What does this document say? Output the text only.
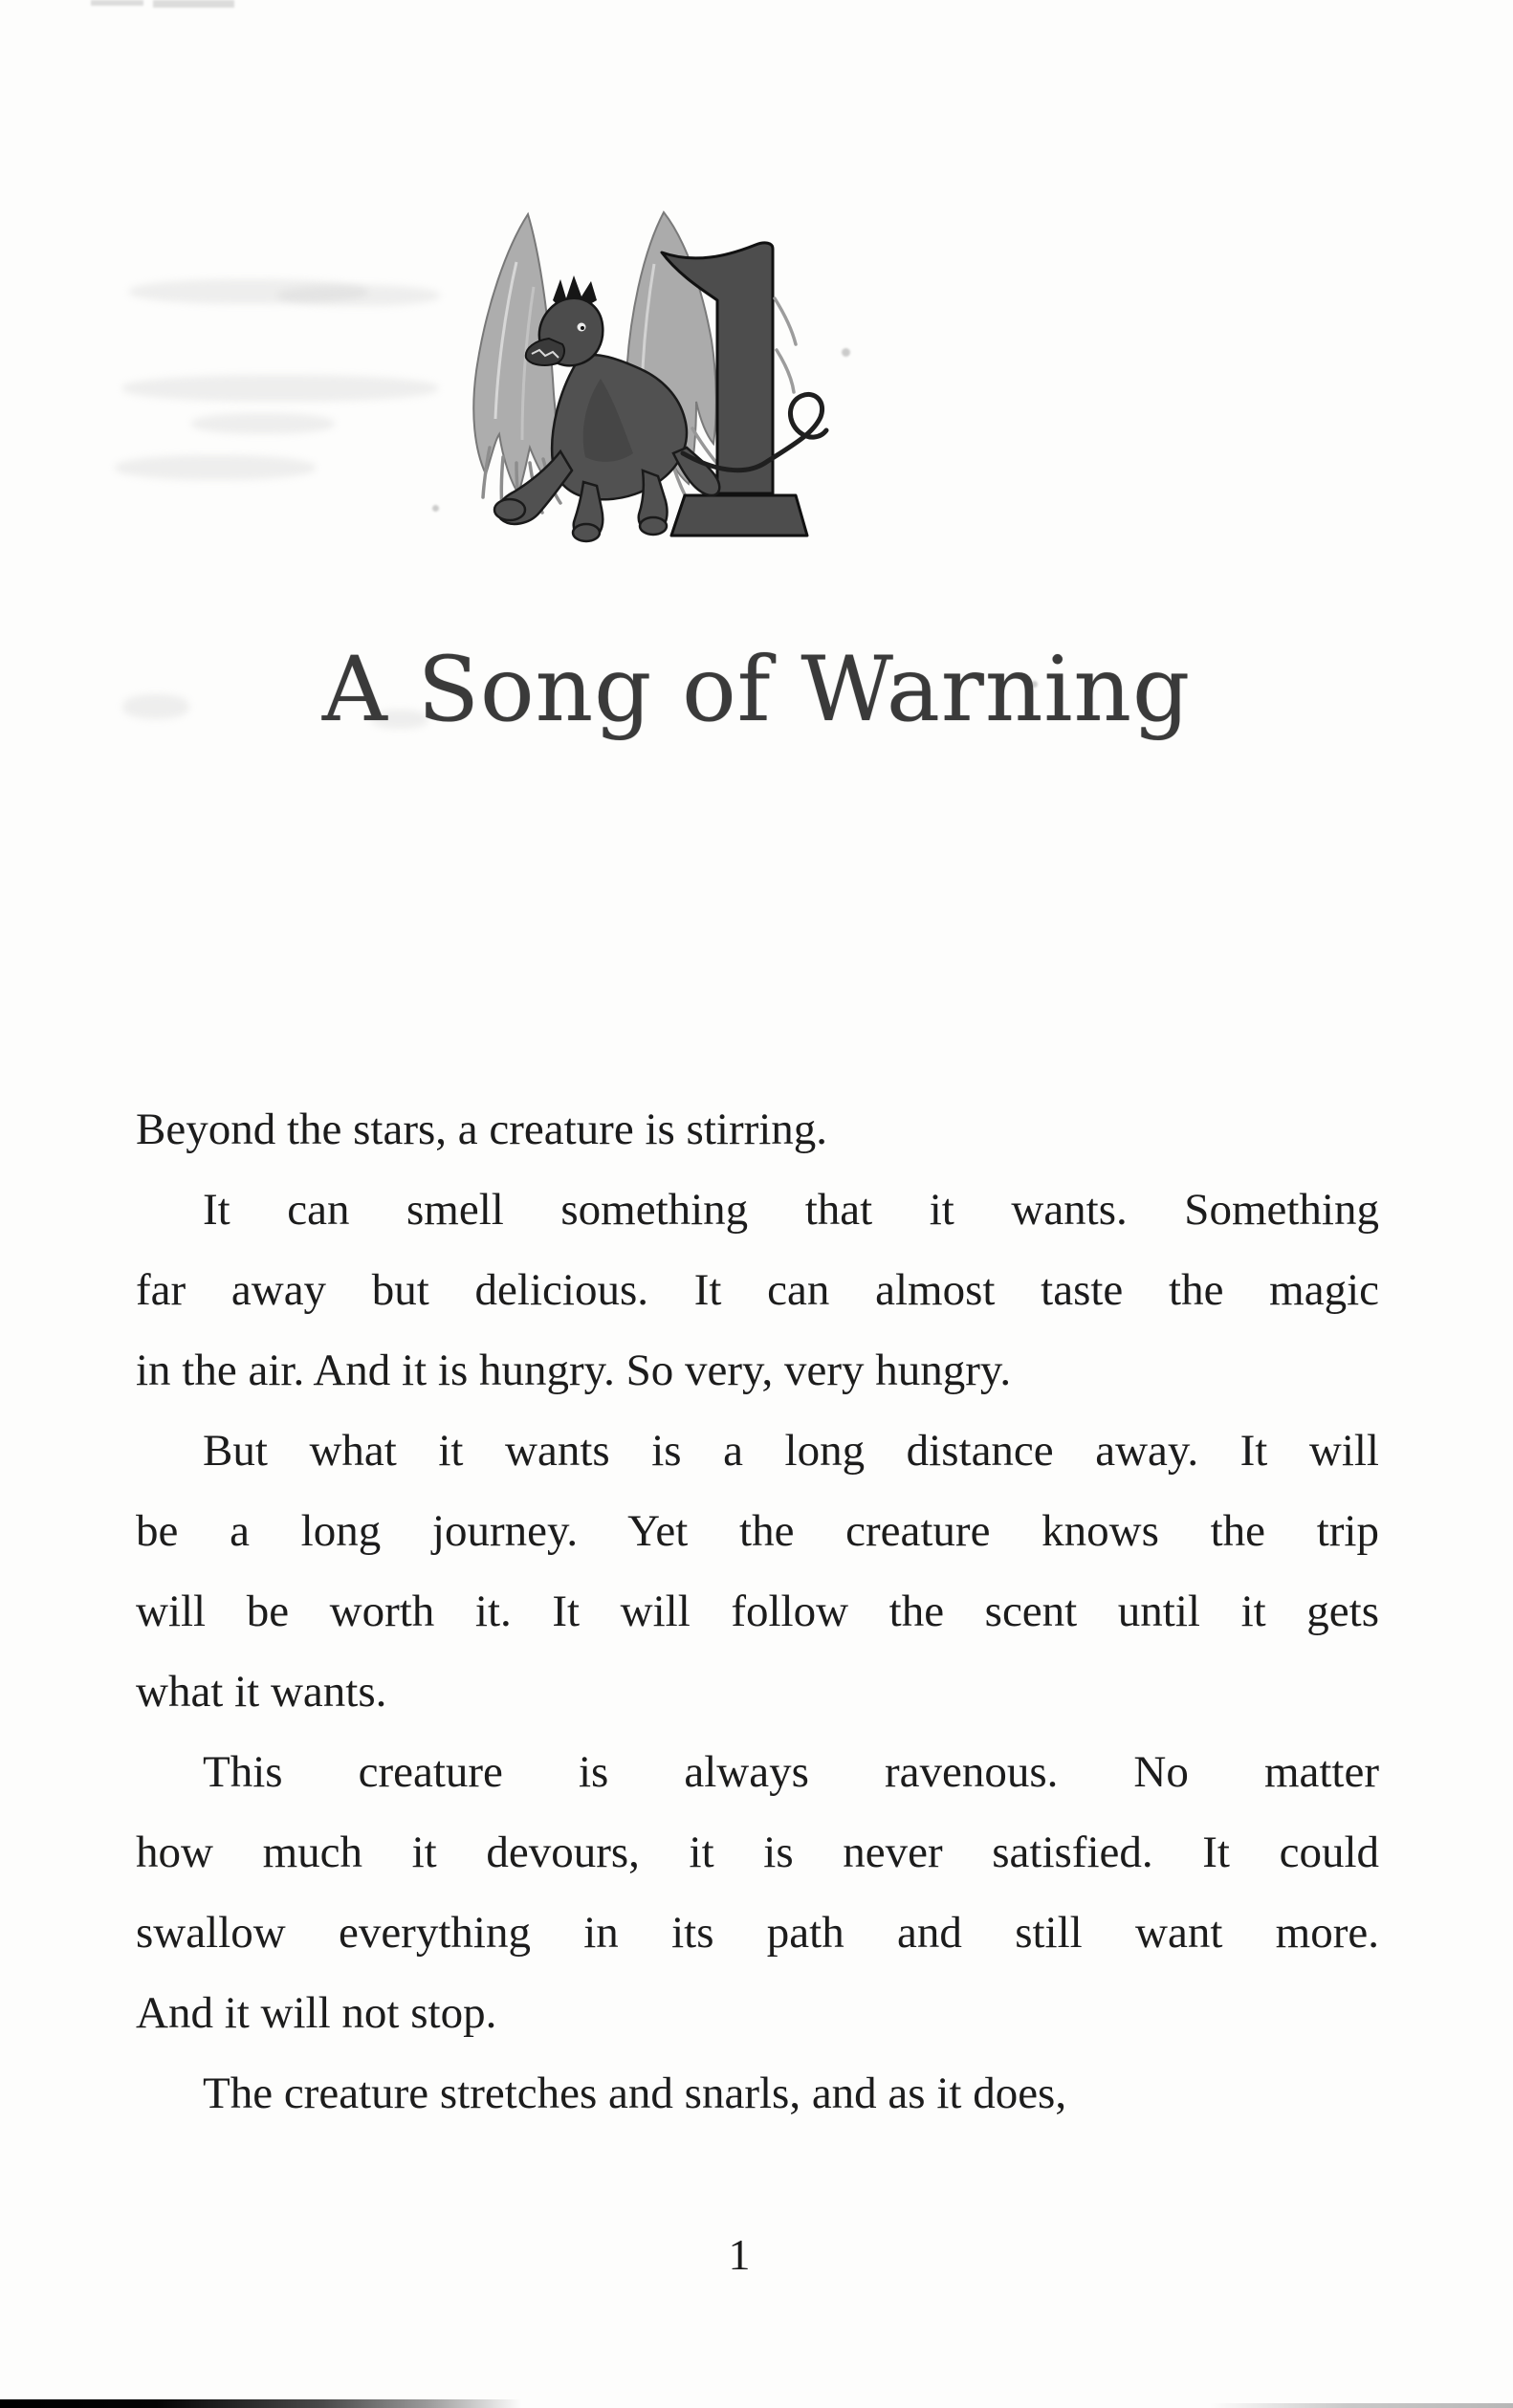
A Song of Warning
Beyond the stars, a creature is stirring.
It can smell something that it wants. Something
far away but delicious. It can almost taste the magic
in the air. And it is hungry. So very, very hungry.
But what it wants is a long distance away. It will
be a long journey. Yet the creature knows the trip
will be worth it. It will follow the scent until it gets
what it wants.
This creature is always ravenous. No matter
how much it devours, it is never satisfied. It could
swallow everything in its path and still want more.
And it will not stop.
The creature stretches and snarls, and as it does,
1
